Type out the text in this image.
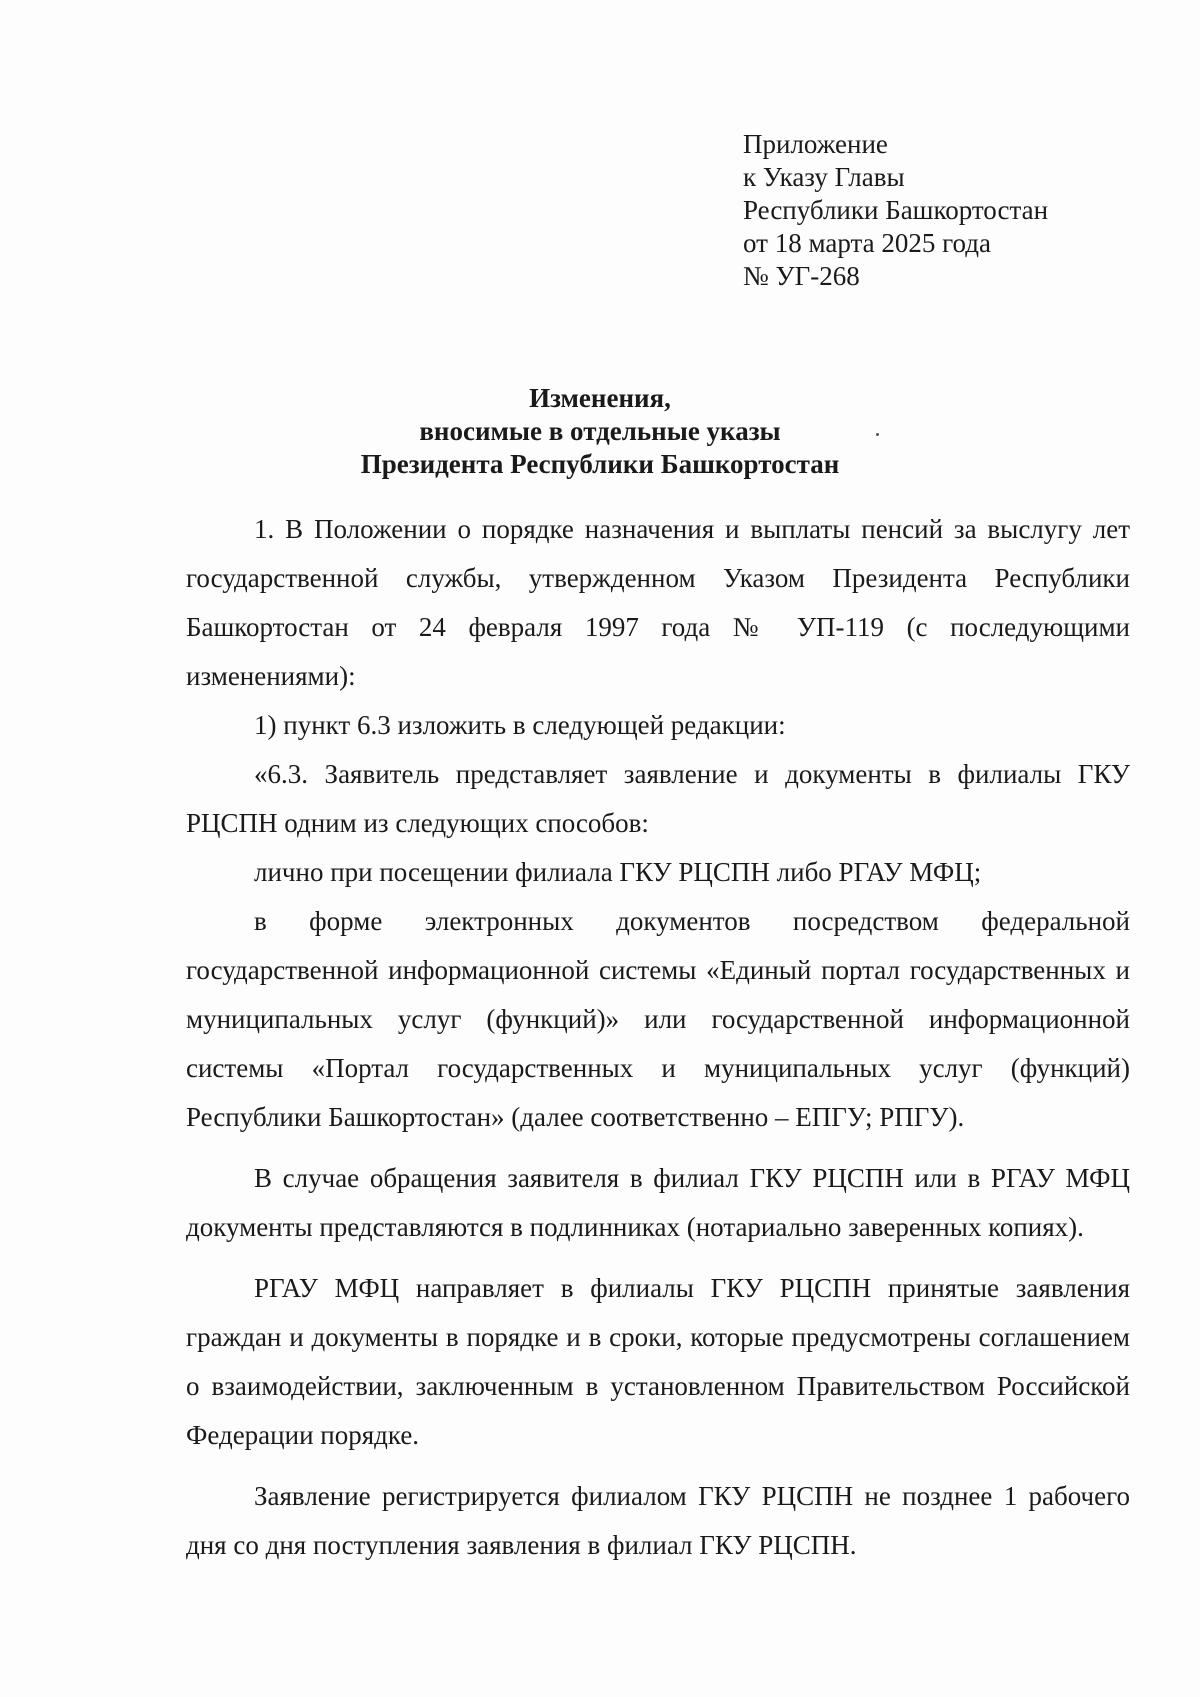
Приложение
к Указу Главы
Республики Башкортостан
от 18 марта 2025 года
№ УГ-268
Изменения,
вносимые в отдельные указы
Президента Республики Башкортостан

1. В Положении о порядке назначения и выплаты пенсий за выслугу лет государственной службы, утвержденном Указом Президента Республики Башкортостан от 24 февраля 1997 года № УП-119 (с последующими изменениями):

1) пункт 6.3 изложить в следующей редакции:

«6.3. Заявитель представляет заявление и документы в филиалы ГКУ РЦСПН одним из следующих способов:

лично при посещении филиала ГКУ РЦСПН либо РГАУ МФЦ;

в форме электронных документов посредством федеральной государственной информационной системы «Единый портал государственных и муниципальных услуг (функций)» или государственной информационной системы «Портал государственных и муниципальных услуг (функций) Республики Башкортостан» (далее соответственно – ЕПГУ; РПГУ).

В случае обращения заявителя в филиал ГКУ РЦСПН или в РГАУ МФЦ документы представляются в подлинниках (нотариально заверенных копиях).

РГАУ МФЦ направляет в филиалы ГКУ РЦСПН принятые заявления граждан и документы в порядке и в сроки, которые предусмотрены соглашением о взаимодействии, заключенным в установленном Правительством Российской Федерации порядке.

Заявление регистрируется филиалом ГКУ РЦСПН не позднее 1 рабочего дня со дня поступления заявления в филиал ГКУ РЦСПН.
